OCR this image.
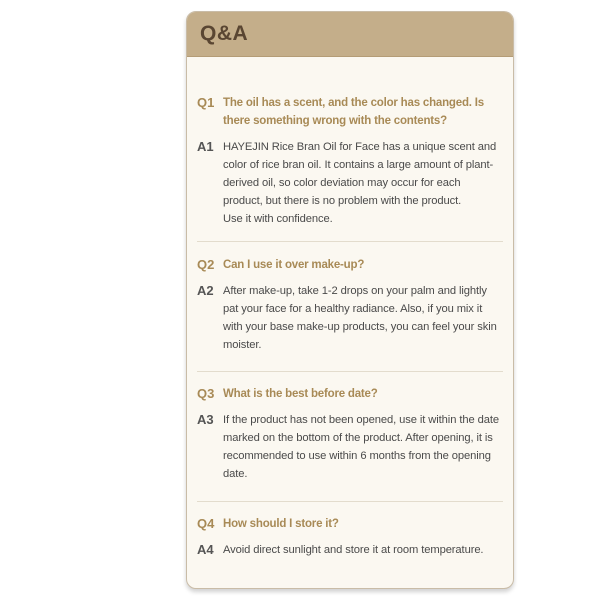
Q&A
Q1 The oil has a scent, and the color has changed. Is there something wrong with the contents?
A1 HAYEJIN Rice Bran Oil for Face has a unique scent and color of rice bran oil. It contains a large amount of plant-derived oil, so color deviation may occur for each product, but there is no problem with the product.
Use it with confidence.
Q2 Can I use it over make-up?
A2 After make-up, take 1-2 drops on your palm and lightly pat your face for a healthy radiance. Also, if you mix it with your base make-up products, you can feel your skin moister.
Q3 What is the best before date?
A3 If the product has not been opened, use it within the date marked on the bottom of the product. After opening, it is recommended to use within 6 months from the opening date.
Q4 How should I store it?
A4 Avoid direct sunlight and store it at room temperature.
